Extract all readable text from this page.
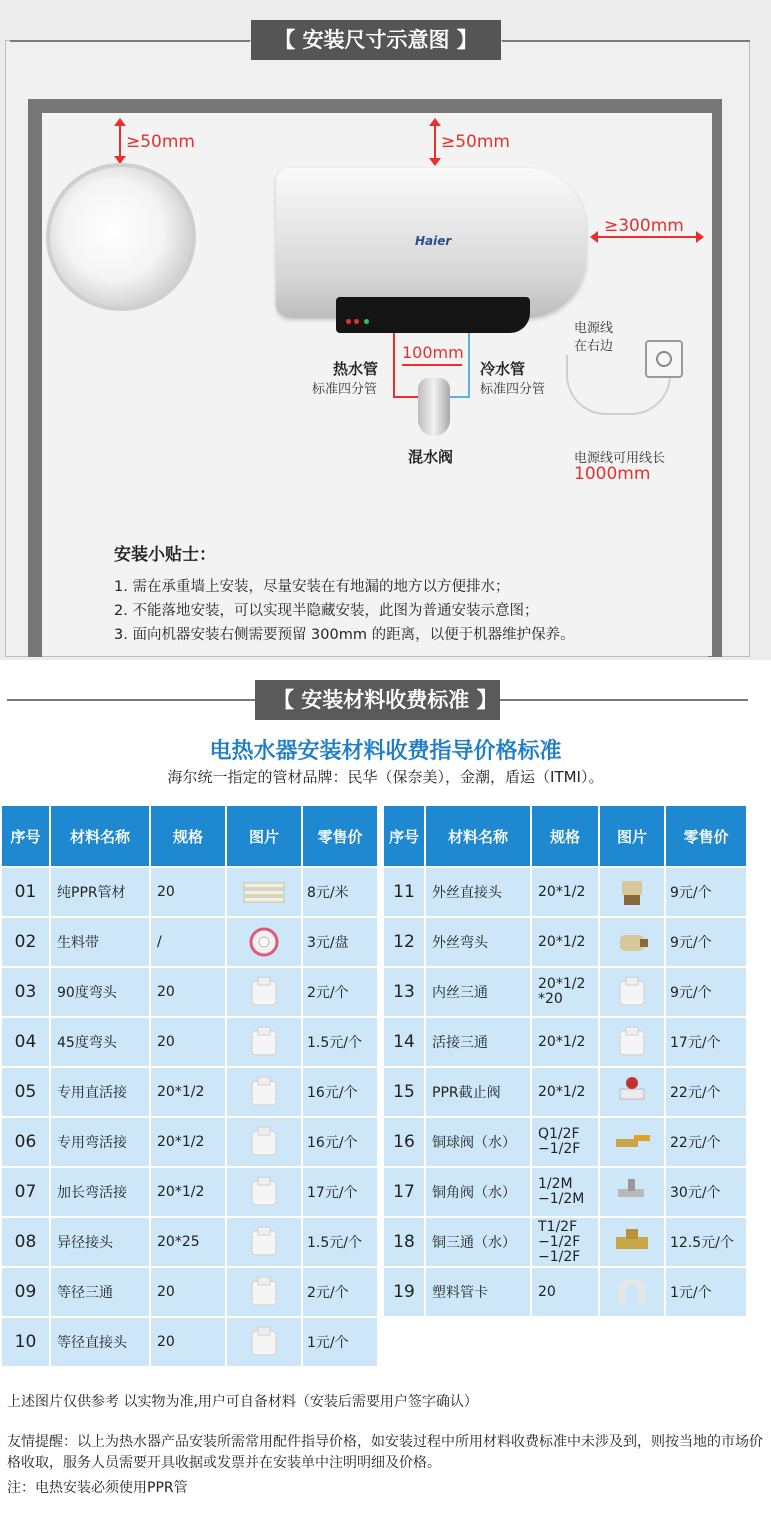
【 安装尺寸示意图 】
≥50mm	≥50mm
≥300mm
Haier
100mm
热水管
标准四分管
冷水管
标准四分管
混水阀
电源线
在右边
电源线可用线长
1000mm
安装小贴士：
1. 需在承重墙上安装，尽量安装在有地漏的地方以方便排水；
2. 不能落地安装，可以实现半隐藏安装，此图为普通安装示意图；
3. 面向机器安装右侧需要预留 300mm 的距离，以便于机器维护保养。
【 安装材料收费标准 】
电热水器安装材料收费指导价格标准
海尔统一指定的管材品牌：民华（保奈美），金潮，盾运（ITMI）。
序号	材料名称	规格	图片	零售价
01	纯PPR管材	20		8元/米
02	生料带	/		3元/盘
03	90度弯头	20		2元/个
04	45度弯头	20		1.5元/个
05	专用直活接	20*1/2		16元/个
06	专用弯活接	20*1/2		16元/个
07	加长弯活接	20*1/2		17元/个
08	异径接头	20*25		1.5元/个
09	等径三通	20		2元/个
10	等径直接头	20		1元/个
序号	材料名称	规格	图片	零售价
11	外丝直接头	20*1/2		9元/个
12	外丝弯头	20*1/2		9元/个
13	内丝三通	20*1/2
*20		9元/个
14	活接三通	20*1/2		17元/个
15	PPR截止阀	20*1/2		22元/个
16	铜球阀（水）	Q1/2F
−1/2F		22元/个
17	铜角阀（水）	1/2M
−1/2M		30元/个
18	铜三通（水）	T1/2F
−1/2F
−1/2F		12.5元/个
19	塑料管卡	20		1元/个
上述图片仅供参考 以实物为准,用户可自备材料（安装后需要用户签字确认）
友情提醒：以上为热水器产品安装所需常用配件指导价格，如安装过程中所用材料收费标准中未涉及到，则按当地的市场价格收取，服务人员需要开具收据或发票并在安装单中注明明细及价格。
注：电热安装必须使用PPR管
